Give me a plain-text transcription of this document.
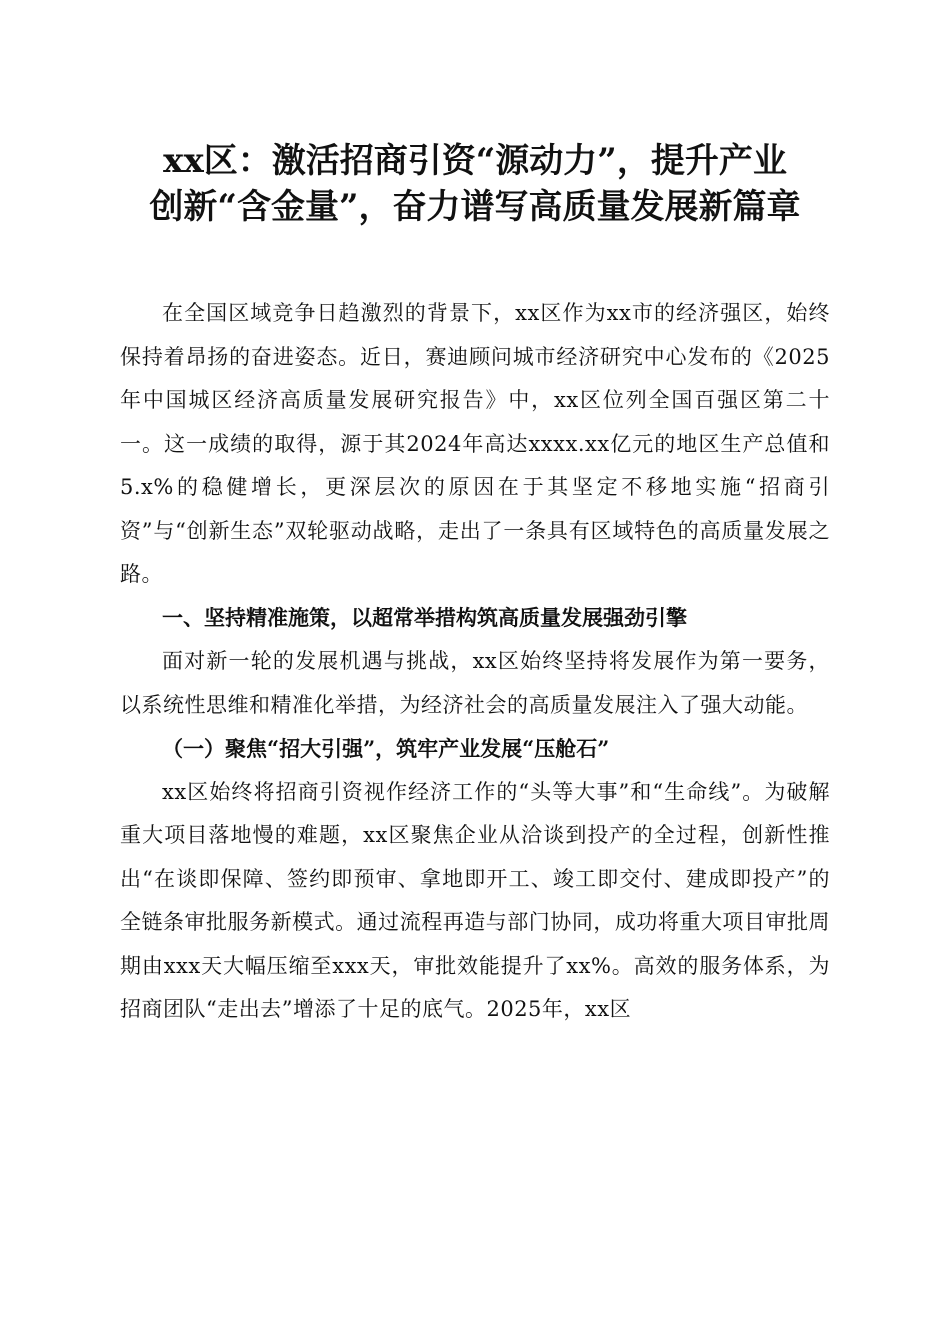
xx区：激活招商引资“源动力”，提升产业
创新“含金量”，奋力谱写高质量发展新篇章

在全国区域竞争日趋激烈的背景下，xx区作为xx市的经济强区，始终保持着昂扬的奋进姿态。近日，赛迪顾问城市经济研究中心发布的《2025年中国城区经济高质量发展研究报告》中，xx区位列全国百强区第二十一。这一成绩的取得，源于其2024年高达xxxx.xx亿元的地区生产总值和5.x%的稳健增长，更深层次的原因在于其坚定不移地实施“招商引资”与“创新生态”双轮驱动战略，走出了一条具有区域特色的高质量发展之路。

一、坚持精准施策，以超常举措构筑高质量发展强劲引擎

面对新一轮的发展机遇与挑战，xx区始终坚持将发展作为第一要务，以系统性思维和精准化举措，为经济社会的高质量发展注入了强大动能。

（一）聚焦“招大引强”，筑牢产业发展“压舱石”

xx区始终将招商引资视作经济工作的“头等大事”和“生命线”。为破解重大项目落地慢的难题，xx区聚焦企业从洽谈到投产的全过程，创新性推出“在谈即保障、签约即预审、拿地即开工、竣工即交付、建成即投产”的全链条审批服务新模式。通过流程再造与部门协同，成功将重大项目审批周期由xxx天大幅压缩至xxx天，审批效能提升了xx%。高效的服务体系，为招商团队“走出去”增添了十足的底气。2025年，xx区
